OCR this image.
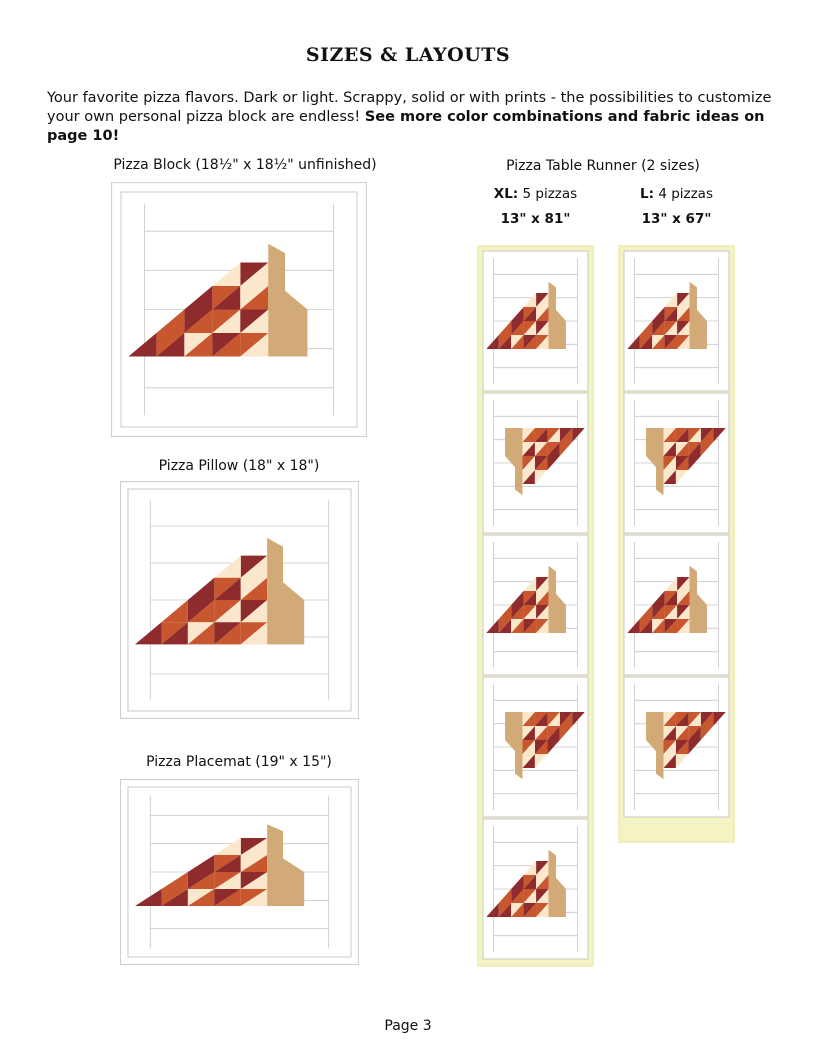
SIZES & LAYOUTS
Your favorite pizza flavors. Dark or light. Scrappy, solid or with prints - the possibilities to customize your own personal pizza block are endless! See more color combinations and fabric ideas on page 10!
Pizza Block (18½" x 18½" unfinished)
Pizza Pillow (18" x 18")
Pizza Placemat (19" x 15")
Pizza Table Runner (2 sizes)
XL: 5 pizzas
13" x 81"
L: 4 pizzas
13" x 67"
Page 3
